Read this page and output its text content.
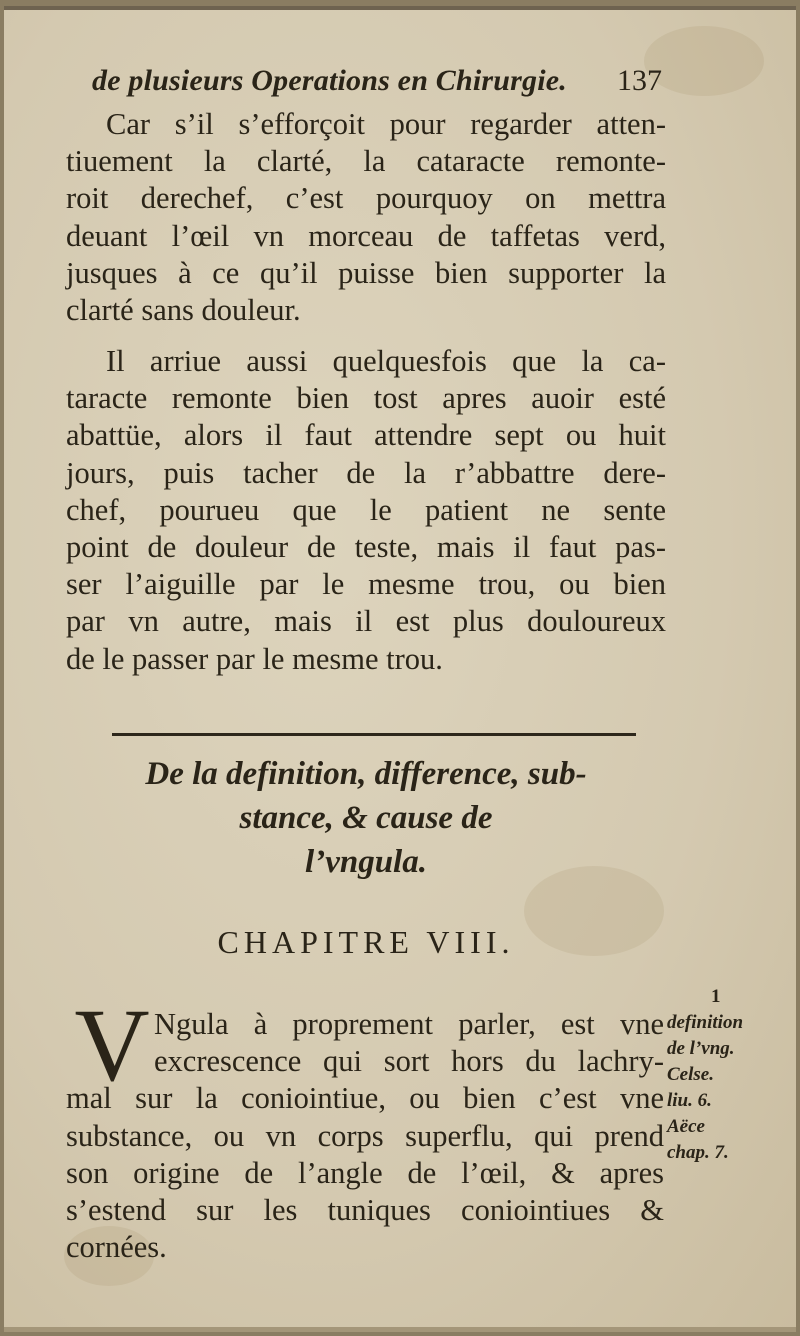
de plusieurs Operations en Chirurgie. 137
Car s’il s’efforçoit pour regarder atten-
tiuement la clarté, la cataracte remonte-
roit derechef, c’est pourquoy on mettra
deuant l’œil vn morceau de taffetas verd,
jusques à ce qu’il puisse bien supporter la
clarté sans douleur.
Il arriue aussi quelquesfois que la ca-
taracte remonte bien tost apres auoir esté
abattüe, alors il faut attendre sept ou huit
jours, puis tacher de la r’abbattre dere-
chef, pourueu que le patient ne sente
point de douleur de teste, mais il faut pas-
ser l’aiguille par le mesme trou, ou bien
par vn autre, mais il est plus douloureux
de le passer par le mesme trou.
De la definition, difference, sub-
stance, & cause de
l’vngula.
CHAPITRE VIII.
V Ngula à proprement parler, est vne
excrescence qui sort hors du lachry-
mal sur la coniointiue, ou bien c’est vne
substance, ou vn corps superflu, qui prend
son origine de l’angle de l’œil, & apres
s’estend sur les tuniques coniointiues &
cornées.
1
definition
de l’vng.
Celse.
liu. 6.
Aëce
chap. 7.
